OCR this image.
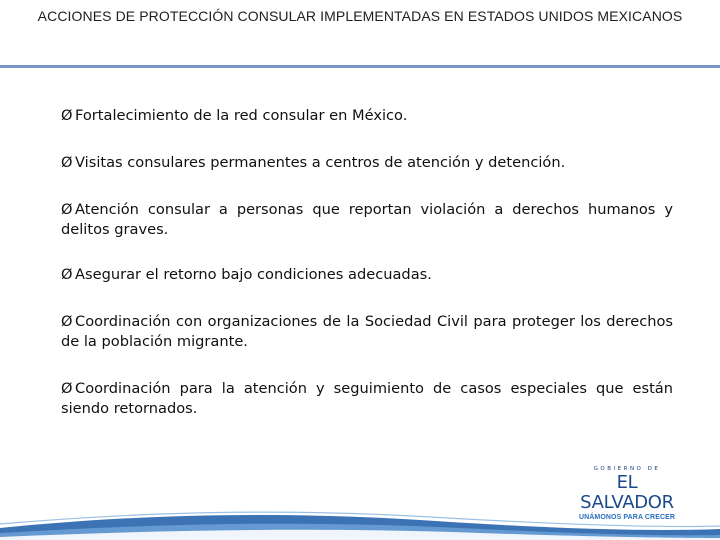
ACCIONES DE PROTECCIÓN CONSULAR IMPLEMENTADAS EN ESTADOS UNIDOS MEXICANOS
Ø Fortalecimiento de la red consular en México.
Ø Visitas consulares permanentes a centros de atención y detención.
Ø Atención consular a personas que reportan violación a derechos humanos y delitos graves.
Ø Asegurar el retorno bajo condiciones adecuadas.
Ø Coordinación con organizaciones de la Sociedad Civil para proteger los derechos de la población migrante.
Ø Coordinación para la atención y seguimiento de casos especiales que están siendo retornados.
GOBIERNO DE
EL SALVADOR
UNÁMONOS PARA CRECER
